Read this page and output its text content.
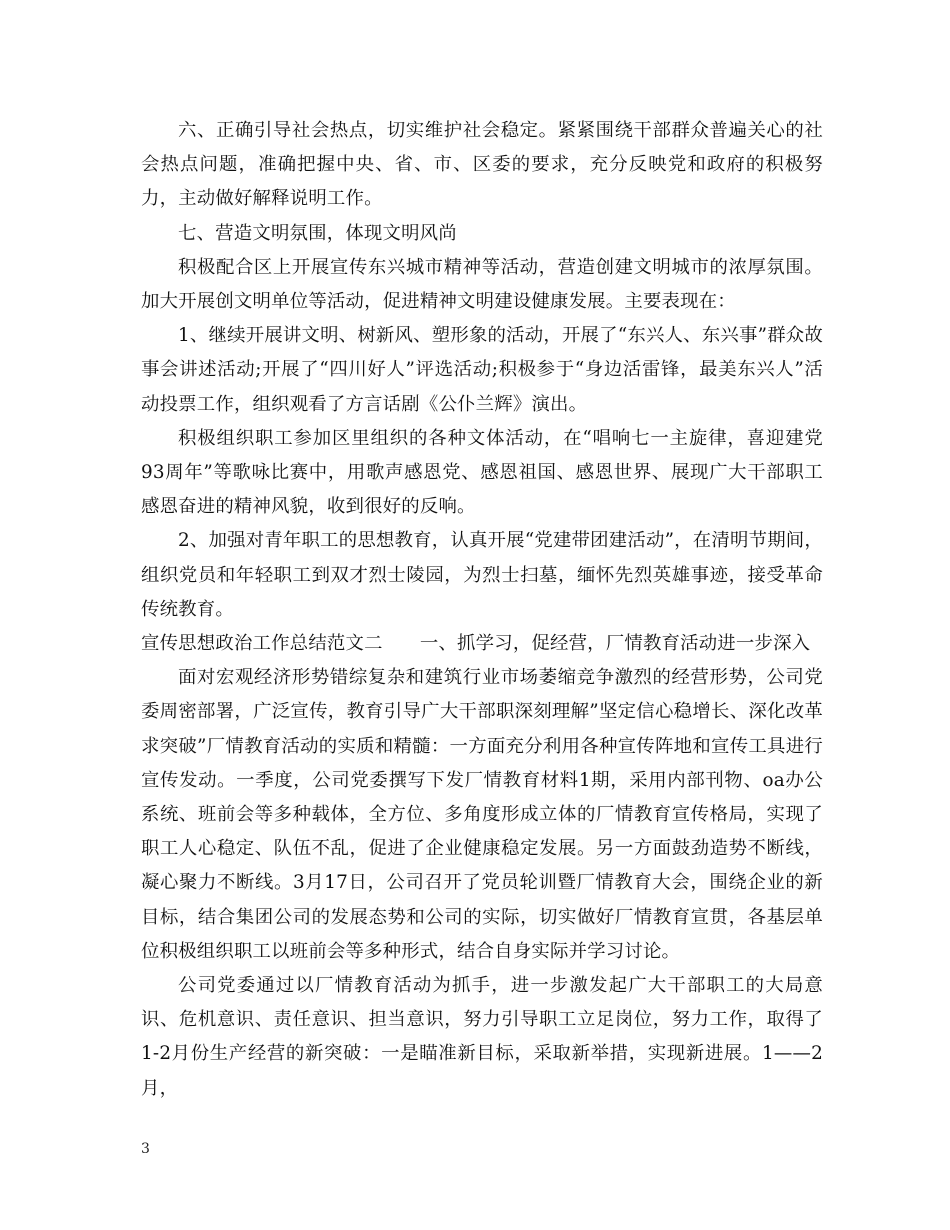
六、正确引导社会热点，切实维护社会稳定。紧紧围绕干部群众普遍关心的社会热点问题，准确把握中央、省、市、区委的要求，充分反映党和政府的积极努力，主动做好解释说明工作。

七、营造文明氛围，体现文明风尚

积极配合区上开展宣传东兴城市精神等活动，营造创建文明城市的浓厚氛围。加大开展创文明单位等活动，促进精神文明建设健康发展。主要表现在：

1、继续开展讲文明、树新风、塑形象的活动，开展了“东兴人、东兴事”群众故事会讲述活动;开展了“四川好人”评选活动;积极参于“身边活雷锋，最美东兴人”活动投票工作，组织观看了方言话剧《公仆兰辉》演出。

积极组织职工参加区里组织的各种文体活动，在“唱响七一主旋律，喜迎建党93周年”等歌咏比赛中，用歌声感恩党、感恩祖国、感恩世界、展现广大干部职工感恩奋进的精神风貌，收到很好的反响。

2、加强对青年职工的思想教育，认真开展“党建带团建活动”，在清明节期间，组织党员和年轻职工到双才烈士陵园，为烈士扫墓，缅怀先烈英雄事迹，接受革命传统教育。

宣传思想政治工作总结范文二　　一、抓学习，促经营，厂情教育活动进一步深入

面对宏观经济形势错综复杂和建筑行业市场萎缩竞争激烈的经营形势，公司党委周密部署，广泛宣传，教育引导广大干部职深刻理解”坚定信心稳增长、深化改革求突破”厂情教育活动的实质和精髓：一方面充分利用各种宣传阵地和宣传工具进行宣传发动。一季度，公司党委撰写下发厂情教育材料1期，采用内部刊物、oa办公系统、班前会等多种载体，全方位、多角度形成立体的厂情教育宣传格局，实现了职工人心稳定、队伍不乱，促进了企业健康稳定发展。另一方面鼓劲造势不断线，凝心聚力不断线。3月17日，公司召开了党员轮训暨厂情教育大会，围绕企业的新目标，结合集团公司的发展态势和公司的实际，切实做好厂情教育宣贯，各基层单位积极组织职工以班前会等多种形式，结合自身实际并学习讨论。

公司党委通过以厂情教育活动为抓手，进一步激发起广大干部职工的大局意识、危机意识、责任意识、担当意识，努力引导职工立足岗位，努力工作，取得了1-2月份生产经营的新突破：一是瞄准新目标，采取新举措，实现新进展。1——2月，

3
